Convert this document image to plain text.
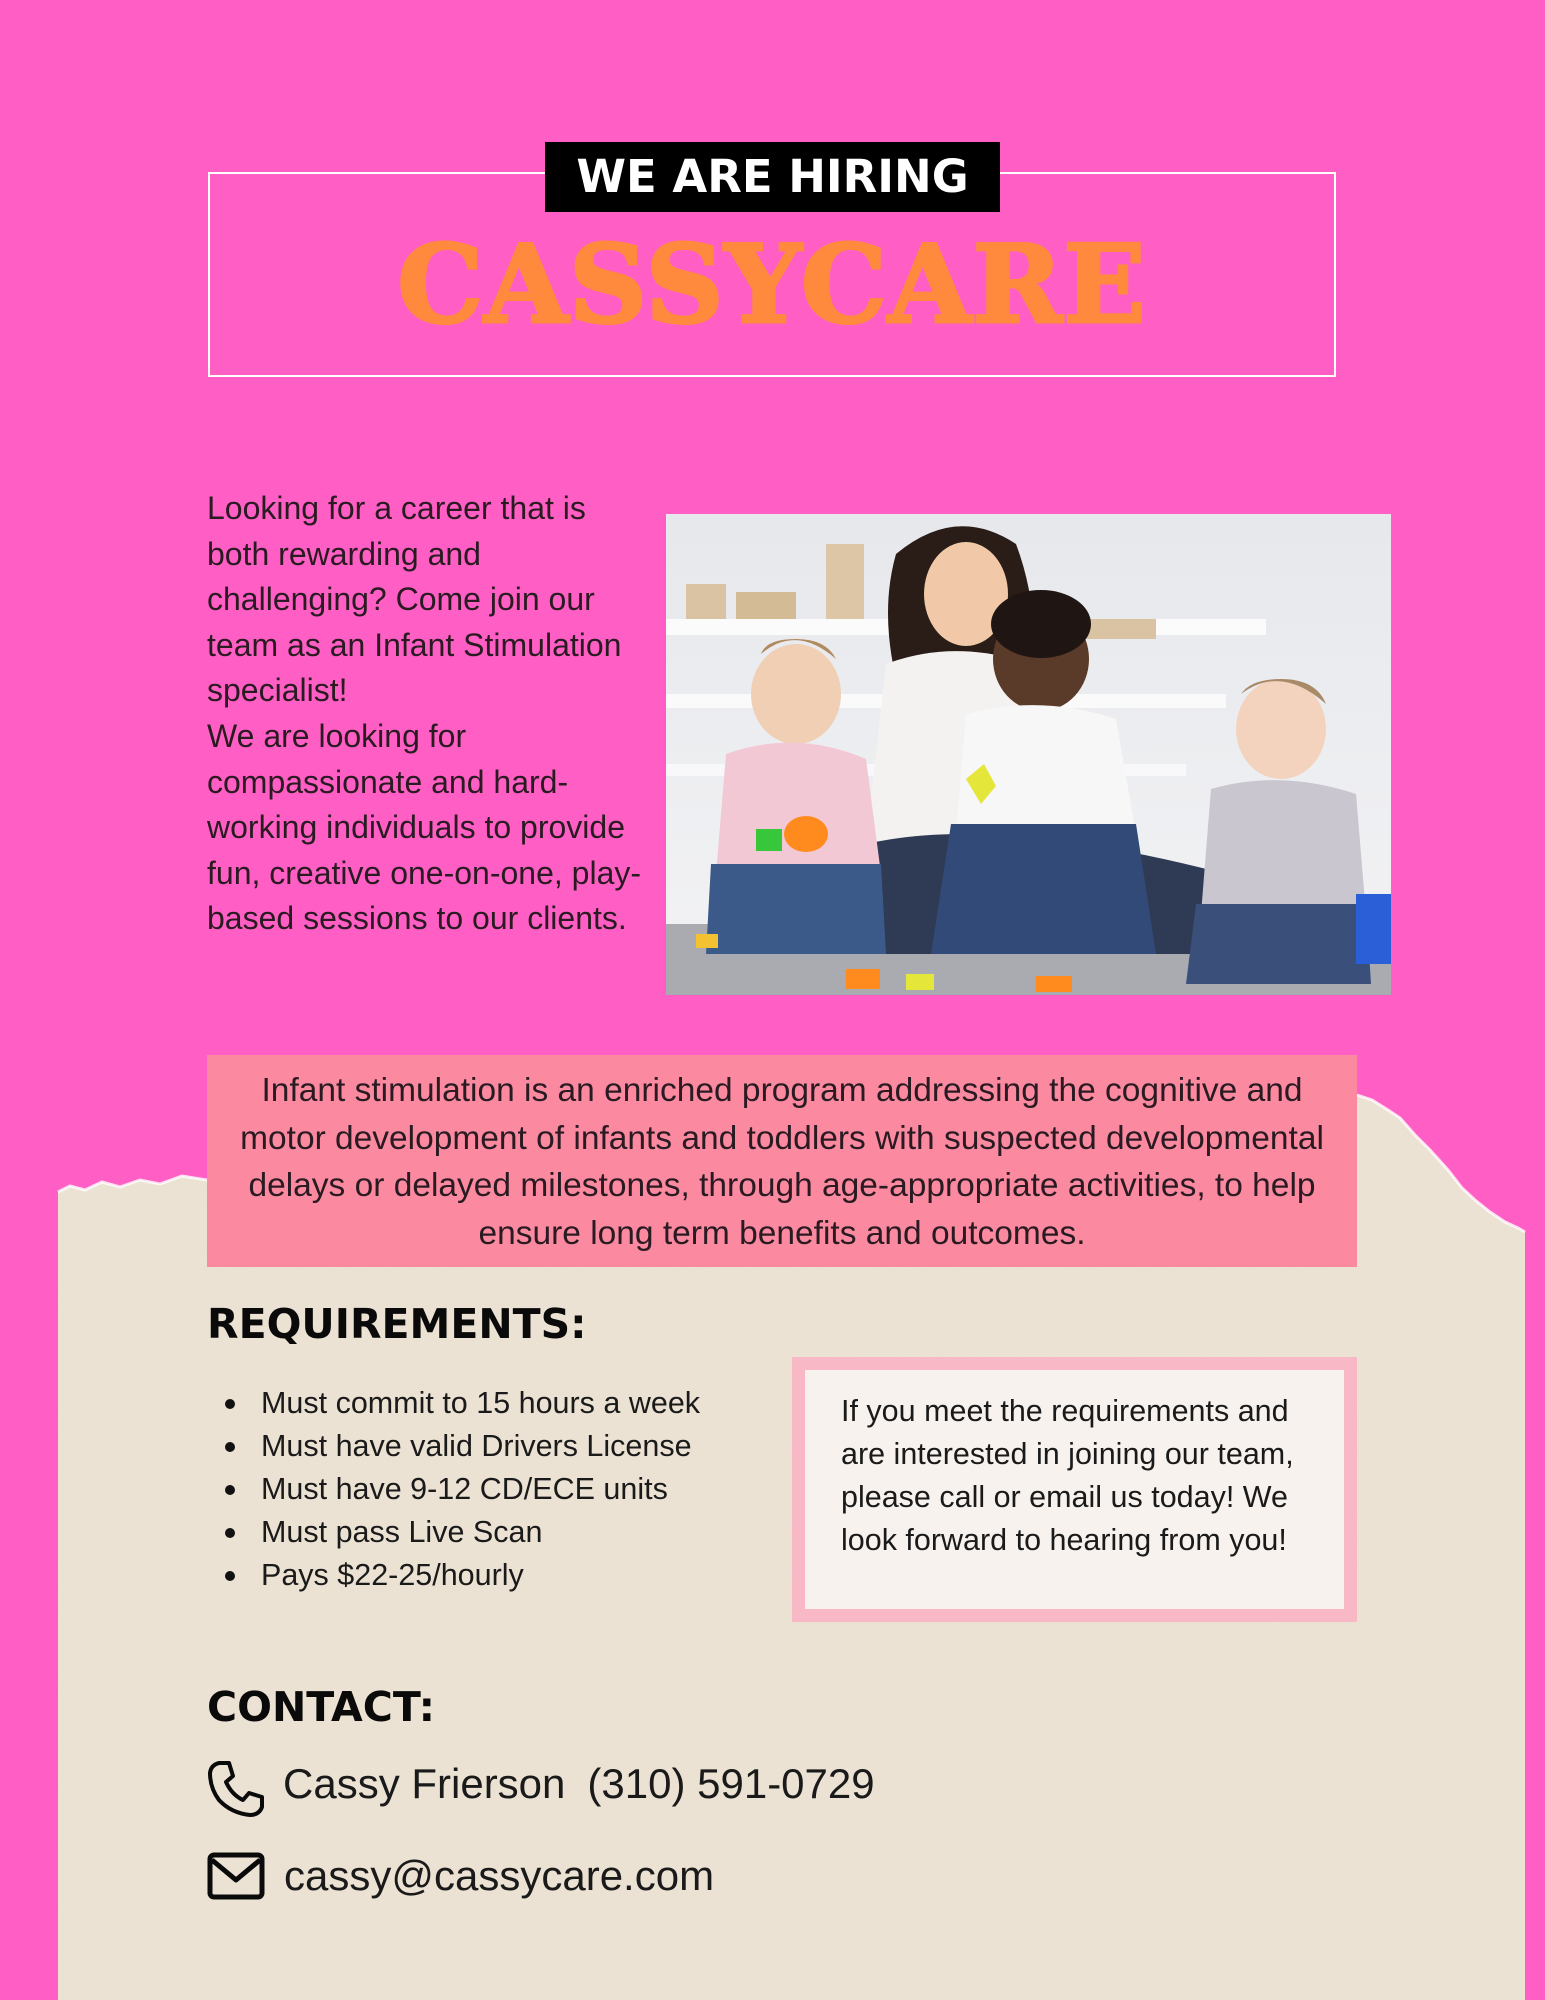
WE ARE HIRING
CASSYCARE

Looking for a career that is both rewarding and challenging? Come join our team as an Infant Stimulation specialist!

We are looking for compassionate and hard-working individuals to provide fun, creative one-on-one, play-based sessions to our clients.

Infant stimulation is an enriched program addressing the cognitive and motor development of infants and toddlers with suspected developmental delays or delayed milestones, through age-appropriate activities, to help ensure long term benefits and outcomes.
REQUIREMENTS:
Must commit to 15 hours a week
Must have valid Drivers License
Must have 9-12 CD/ECE units
Must pass Live Scan
Pays $22-25/hourly
If you meet the requirements and are interested in joining our team, please call or email us today! We look forward to hearing from you!
CONTACT:
Cassy Frierson (310) 591-0729
cassy@cassycare.com
